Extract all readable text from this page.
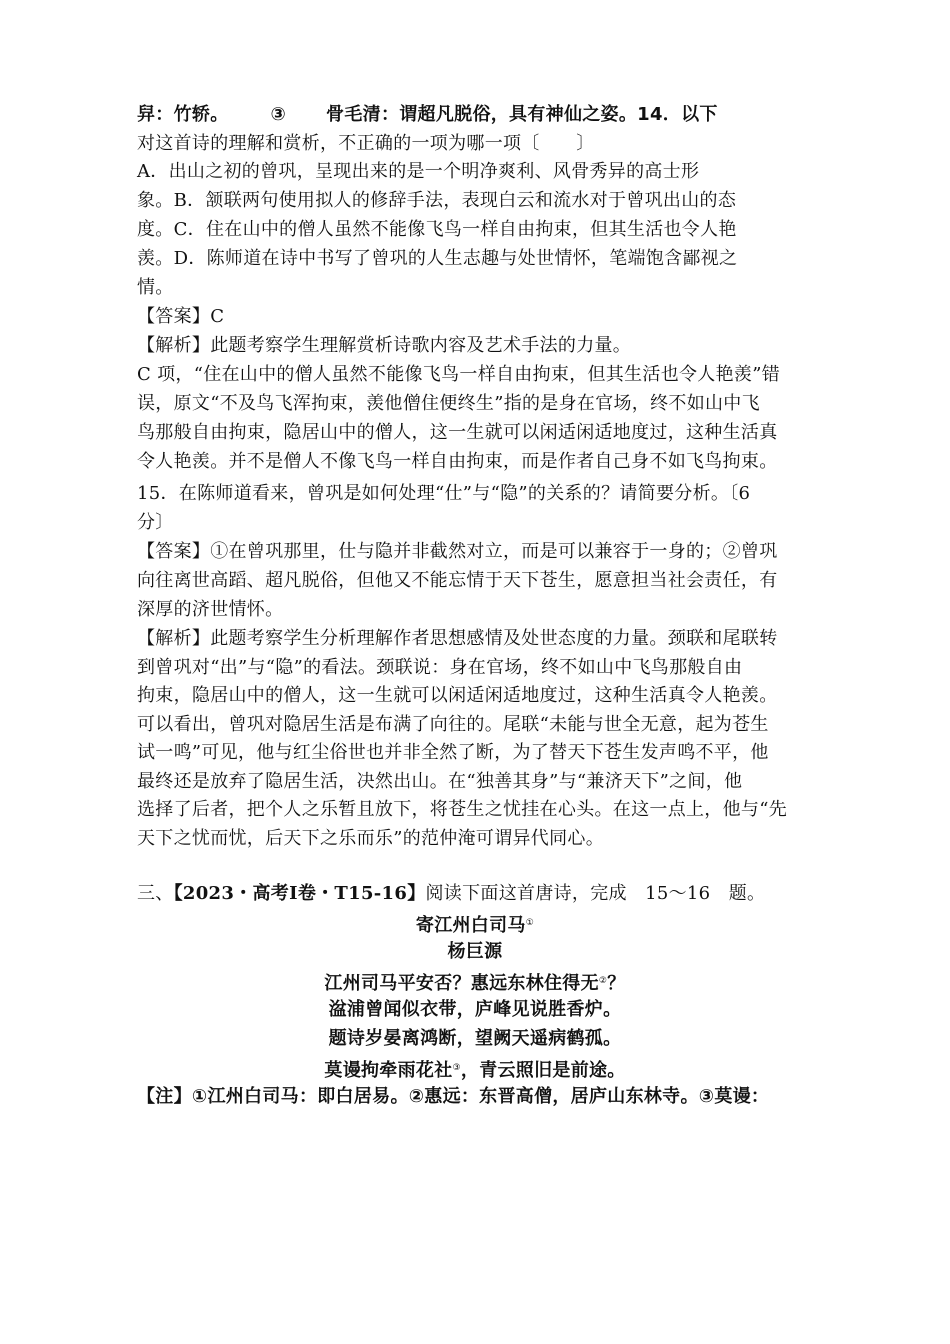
舁：竹轿。 ③ 骨毛清：谓超凡脱俗，具有神仙之姿。14．以下
对这首诗的理解和赏析，不正确的一项为哪一项〔　　〕
A．出山之初的曾巩，呈现出来的是一个明净爽利、风骨秀异的高士形
象。B．颔联两句使用拟人的修辞手法，表现白云和流水对于曾巩出山的态
度。C．住在山中的僧人虽然不能像飞鸟一样自由拘束，但其生活也令人艳
羡。D．陈师道在诗中书写了曾巩的人生志趣与处世情怀，笔端饱含鄙视之
情。
【答案】C
【解析】此题考察学生理解赏析诗歌内容及艺术手法的力量。
C 项，“住在山中的僧人虽然不能像飞鸟一样自由拘束，但其生活也令人艳羡”错
误，原文“不及鸟飞浑拘束，羡他僧住便终生”指的是身在官场，终不如山中飞
鸟那般自由拘束，隐居山中的僧人，这一生就可以闲适闲适地度过，这种生活真
令人艳羡。并不是僧人不像飞鸟一样自由拘束，而是作者自己身不如飞鸟拘束。
15．在陈师道看来，曾巩是如何处理“仕”与“隐”的关系的？请简要分析。〔6
分〕
【答案】①在曾巩那里，仕与隐并非截然对立，而是可以兼容于一身的；②曾巩
向往离世高蹈、超凡脱俗，但他又不能忘情于天下苍生，愿意担当社会责任，有
深厚的济世情怀。
【解析】此题考察学生分析理解作者思想感情及处世态度的力量。颈联和尾联转
到曾巩对“出”与“隐”的看法。颈联说：身在官场，终不如山中飞鸟那般自由
拘束，隐居山中的僧人，这一生就可以闲适闲适地度过，这种生活真令人艳羡。
可以看出，曾巩对隐居生活是布满了向往的。尾联“未能与世全无意，起为苍生
试一鸣”可见，他与红尘俗世也并非全然了断，为了替天下苍生发声鸣不平，他
最终还是放弃了隐居生活，决然出山。在“独善其身”与“兼济天下”之间，他
选择了后者，把个人之乐暂且放下，将苍生之忧挂在心头。在这一点上，他与“先
天下之忧而忧，后天下之乐而乐”的范仲淹可谓异代同心。
三、【2023・高考Ⅰ卷・T15-16】阅读下面这首唐诗，完成　15～16　题。
寄江州白司马①
杨巨源
江州司马平安否？惠远东林住得无②？
湓浦曾闻似衣带，庐峰见说胜香炉。
题诗岁晏离鸿断，望阙天遥病鹤孤。
莫谩拘牵雨花社③，青云照旧是前途。
【注】①江州白司马：即白居易。②惠远：东晋高僧，居庐山东林寺。③莫谩：
